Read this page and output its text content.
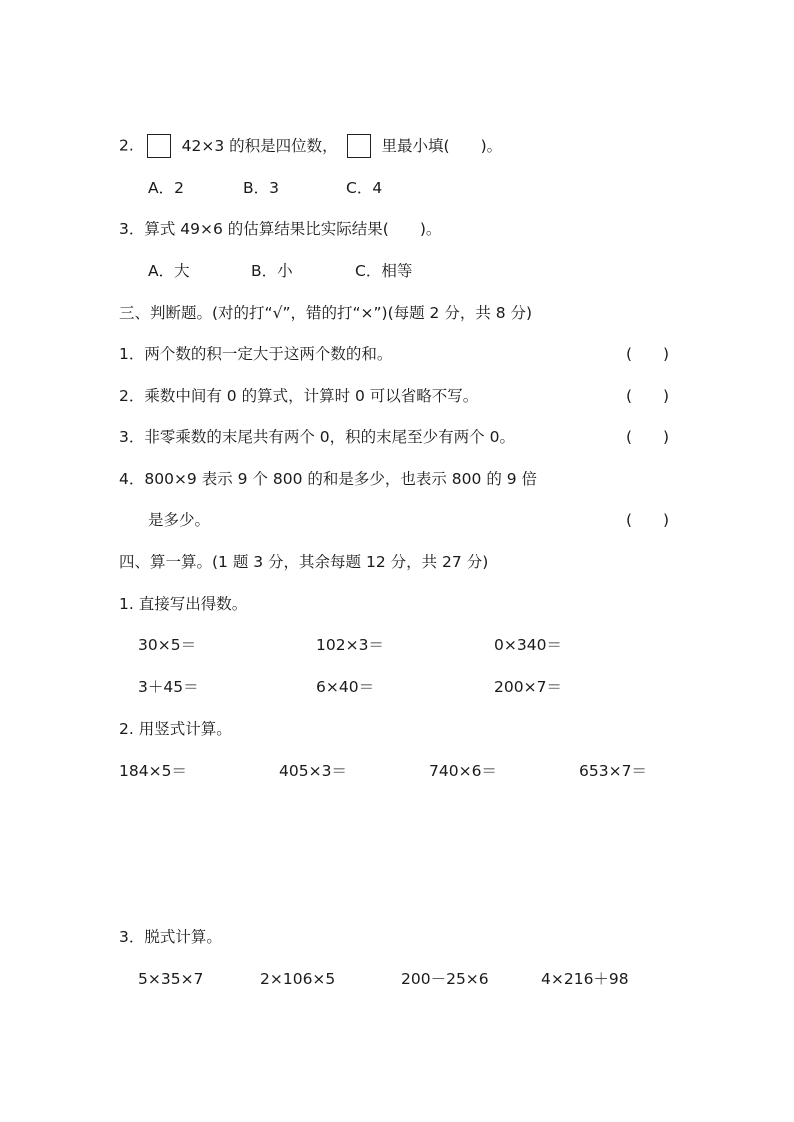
2.	42×3 的积是四位数，	里最小填(　　)。
A．2	B．3	C．4
3．算式 49×6 的估算结果比实际结果(　　)。
A．大	B．小	C．相等
三、判断题。(对的打“√”，错的打“×”)(每题 2 分，共 8 分)
1．两个数的积一定大于这两个数的和。	(　　)
2．乘数中间有 0 的算式，计算时 0 可以省略不写。	(　　)
3．非零乘数的末尾共有两个 0，积的末尾至少有两个 0。	(　　)
4．800×9 表示 9 个 800 的和是多少，也表示 800 的 9 倍
是多少。	(　　)
四、算一算。(1 题 3 分，其余每题 12 分，共 27 分)
1. 直接写出得数。
30×5＝	102×3＝	0×340＝
3＋45＝	6×40＝	200×7＝
2. 用竖式计算。
184×5＝	405×3＝	740×6＝	653×7＝
3．脱式计算。
5×35×7	2×106×5	200－25×6	4×216＋98
